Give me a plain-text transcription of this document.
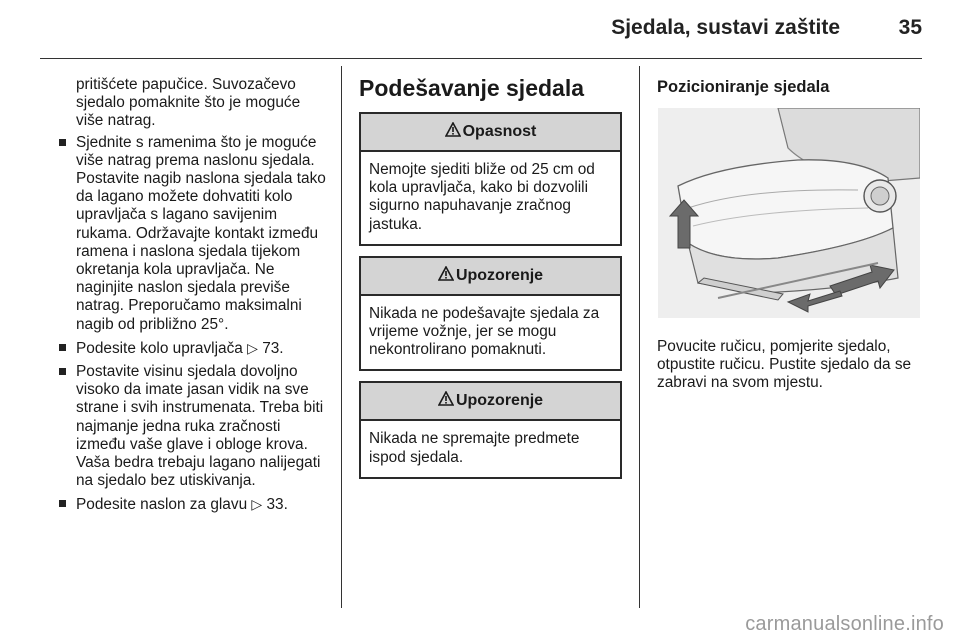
Sjedala, sustavi zaštite	35

pritišćete papučice. Suvozačevo sjedalo pomaknite što je moguće više natrag.

Sjednite s ramenima što je moguće više natrag prema naslonu sjedala. Postavite nagib naslona sjedala tako da lagano možete dohvatiti kolo upravljača s lagano savijenim rukama. Održavajte kontakt između ramena i naslona sjedala tijekom okretanja kola upravljača. Ne naginjite naslon sjedala previše natrag. Preporučamo maksimalni nagib od približno 25°.
Podesite kolo upravljača ▷ 73.
Postavite visinu sjedala dovoljno visoko da imate jasan vidik na sve strane i svih instrumenata. Treba biti najmanje jedna ruka zračnosti između vaše glave i obloge krova. Vaša bedra trebaju lagano nalijegati na sjedalo bez utiskivanja.
Podesite naslon za glavu ▷ 33.
Podešavanje sjedala
Opasnost
Nemojte sjediti bliže od 25 cm od kola upravljača, kako bi dozvolili sigurno napuhavanje zračnog jastuka.
Upozorenje
Nikada ne podešavajte sjedala za vrijeme vožnje, jer se mogu nekontrolirano pomaknuti.
Upozorenje
Nikada ne spremajte predmete ispod sjedala.
Pozicioniranje sjedala
Povucite ručicu, pomjerite sjedalo, otpustite ručicu. Pustite sjedalo da se zabravi na svom mjestu.
carmanualsonline.info
